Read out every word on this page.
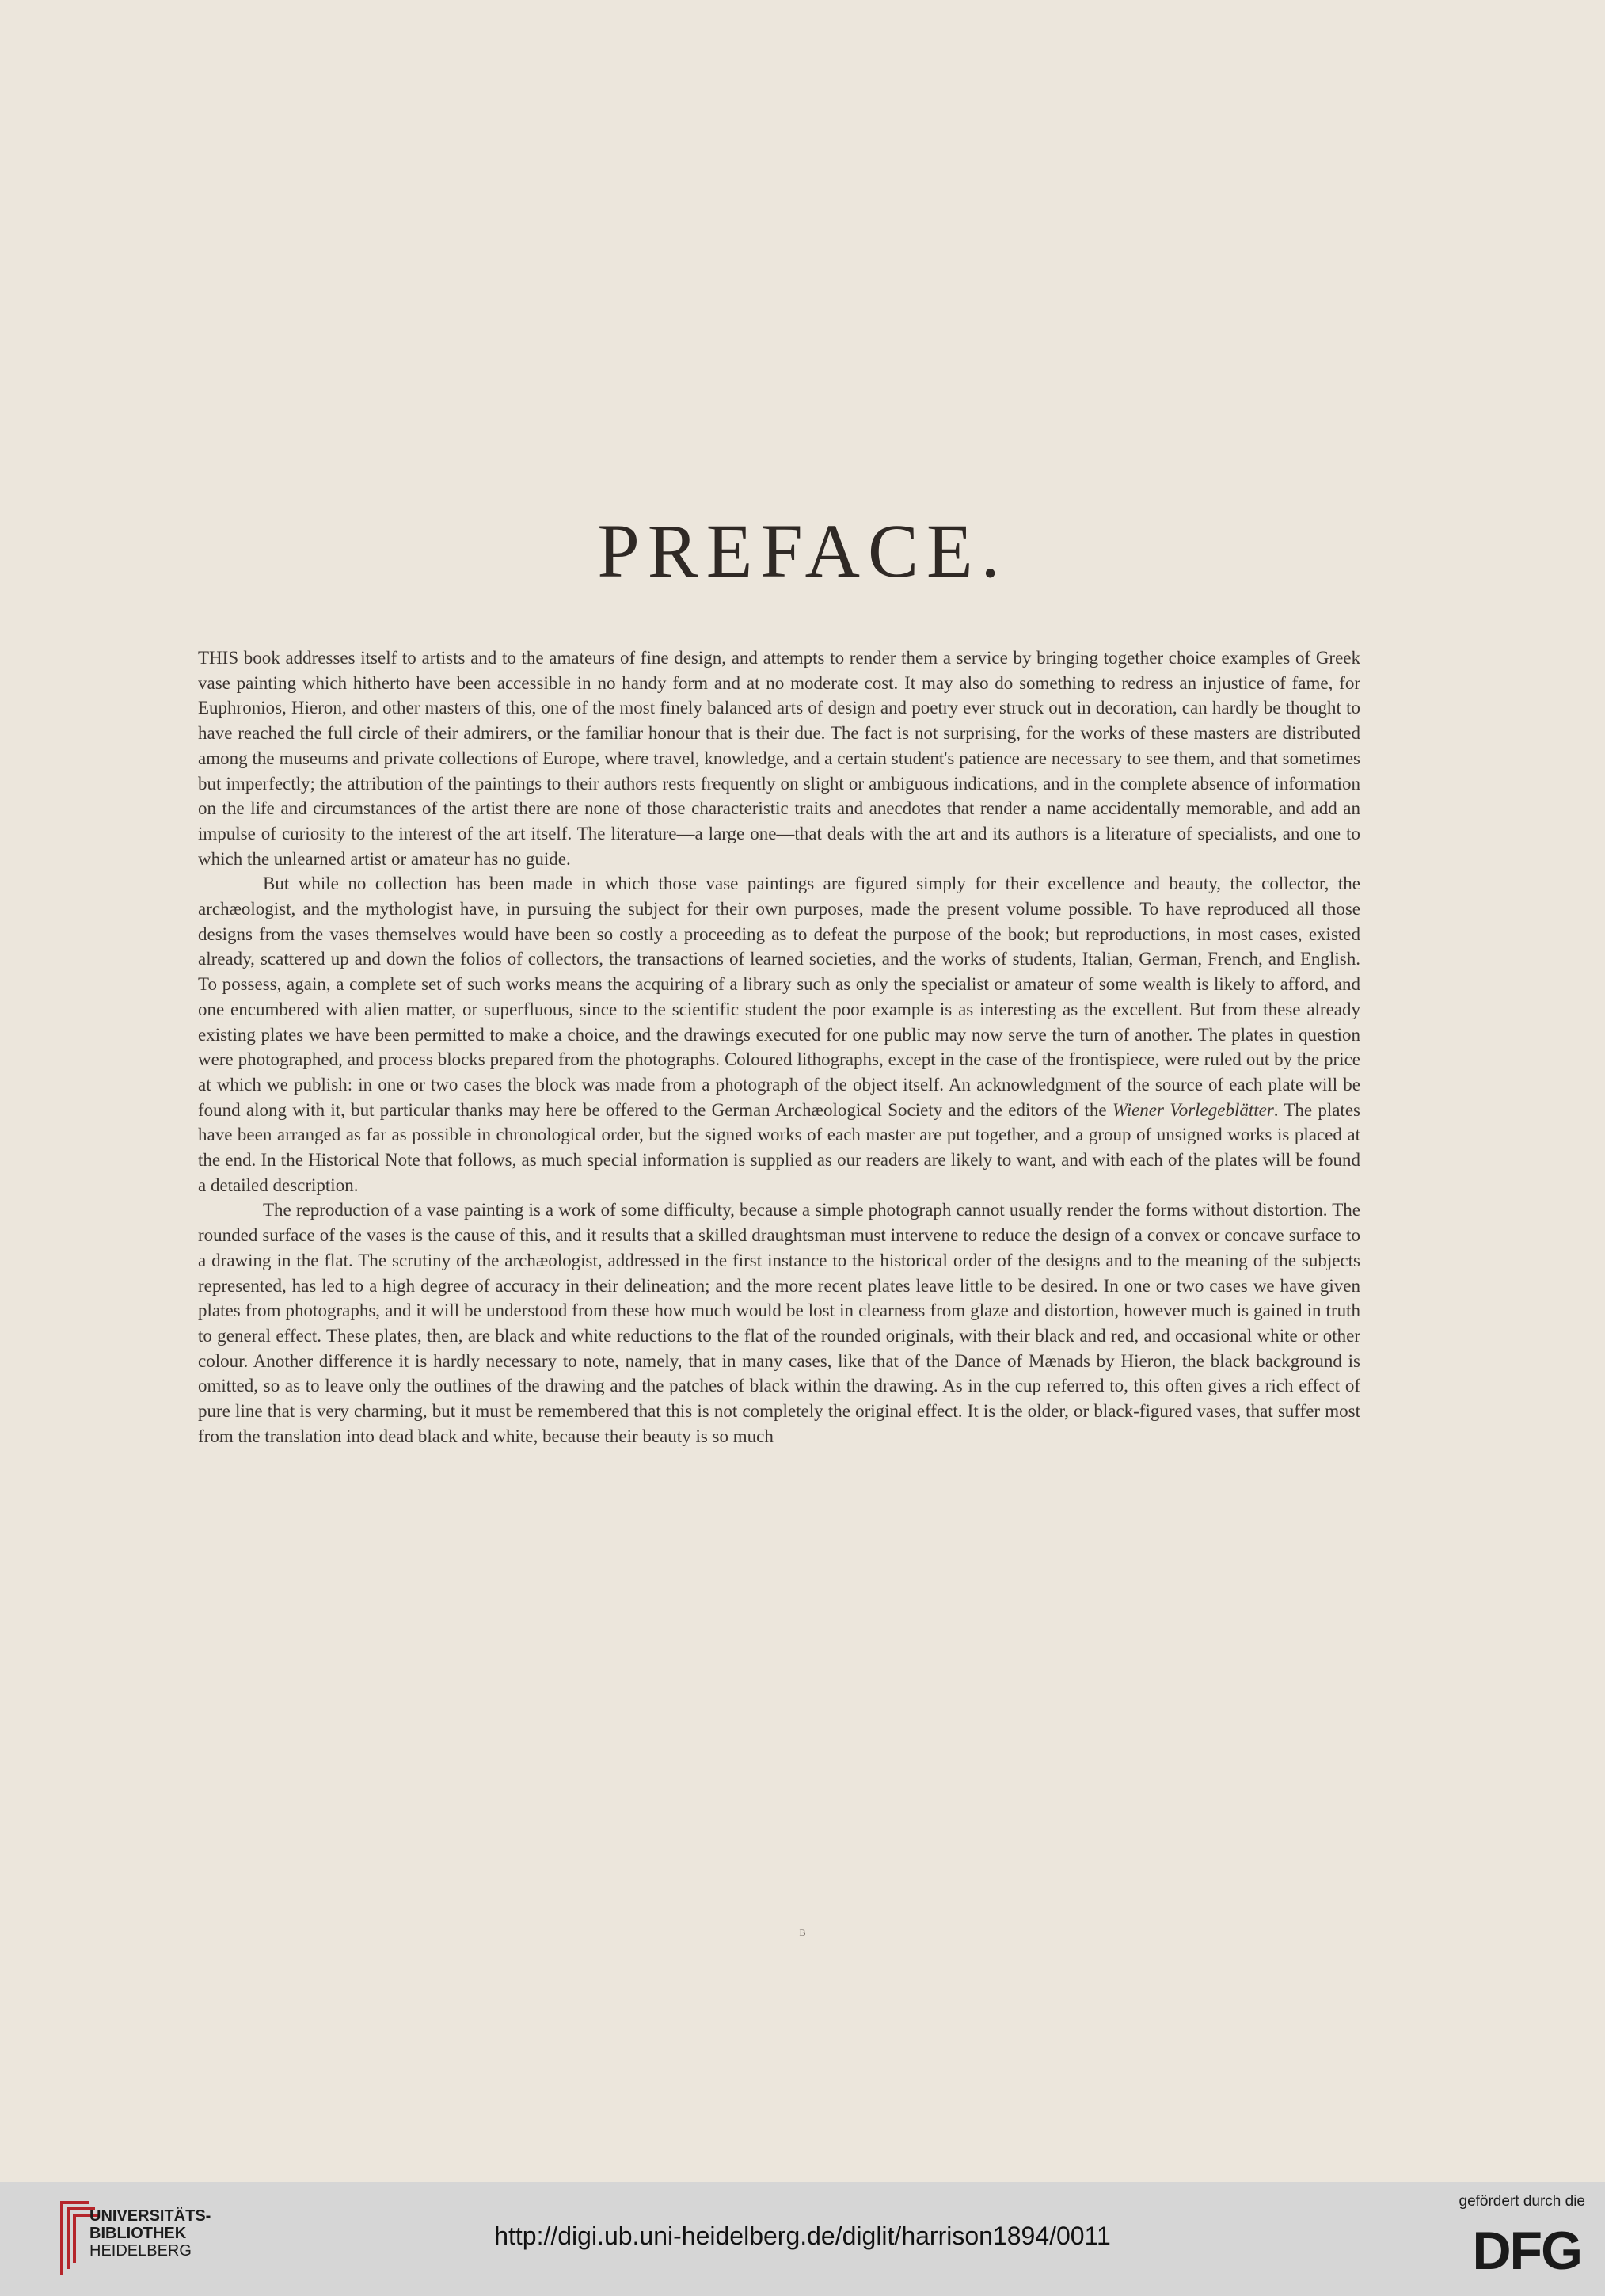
PREFACE.

THIS book addresses itself to artists and to the amateurs of fine design, and attempts to render them a service by bringing together choice examples of Greek vase painting which hitherto have been accessible in no handy form and at no moderate cost. It may also do something to redress an injustice of fame, for Euphronios, Hieron, and other masters of this, one of the most finely balanced arts of design and poetry ever struck out in decoration, can hardly be thought to have reached the full circle of their admirers, or the familiar honour that is their due. The fact is not surprising, for the works of these masters are distributed among the museums and private collections of Europe, where travel, knowledge, and a certain student's patience are necessary to see them, and that sometimes but imperfectly; the attribution of the paintings to their authors rests frequently on slight or ambiguous indications, and in the complete absence of information on the life and circumstances of the artist there are none of those characteristic traits and anecdotes that render a name accidentally memorable, and add an impulse of curiosity to the interest of the art itself. The literature—a large one—that deals with the art and its authors is a literature of specialists, and one to which the unlearned artist or amateur has no guide.

But while no collection has been made in which those vase paintings are figured simply for their excellence and beauty, the collector, the archæologist, and the mythologist have, in pursuing the subject for their own purposes, made the present volume possible. To have reproduced all those designs from the vases themselves would have been so costly a proceeding as to defeat the purpose of the book; but reproductions, in most cases, existed already, scattered up and down the folios of collectors, the transactions of learned societies, and the works of students, Italian, German, French, and English. To possess, again, a complete set of such works means the acquiring of a library such as only the specialist or amateur of some wealth is likely to afford, and one encumbered with alien matter, or superfluous, since to the scientific student the poor example is as interesting as the excellent. But from these already existing plates we have been permitted to make a choice, and the drawings executed for one public may now serve the turn of another. The plates in question were photographed, and process blocks prepared from the photographs. Coloured lithographs, except in the case of the frontispiece, were ruled out by the price at which we publish: in one or two cases the block was made from a photograph of the object itself. An acknowledgment of the source of each plate will be found along with it, but particular thanks may here be offered to the German Archæological Society and the editors of the Wiener Vorlegeblätter. The plates have been arranged as far as possible in chronological order, but the signed works of each master are put together, and a group of unsigned works is placed at the end. In the Historical Note that follows, as much special information is supplied as our readers are likely to want, and with each of the plates will be found a detailed description.

The reproduction of a vase painting is a work of some difficulty, because a simple photograph cannot usually render the forms without distortion. The rounded surface of the vases is the cause of this, and it results that a skilled draughtsman must intervene to reduce the design of a convex or concave surface to a drawing in the flat. The scrutiny of the archæologist, addressed in the first instance to the historical order of the designs and to the meaning of the subjects represented, has led to a high degree of accuracy in their delineation; and the more recent plates leave little to be desired. In one or two cases we have given plates from photographs, and it will be understood from these how much would be lost in clearness from glaze and distortion, however much is gained in truth to general effect. These plates, then, are black and white reductions to the flat of the rounded originals, with their black and red, and occasional white or other colour. Another difference it is hardly necessary to note, namely, that in many cases, like that of the Dance of Mænads by Hieron, the black background is omitted, so as to leave only the outlines of the drawing and the patches of black within the drawing. As in the cup referred to, this often gives a rich effect of pure line that is very charming, but it must be remembered that this is not completely the original effect. It is the older, or black-figured vases, that suffer most from the translation into dead black and white, because their beauty is so much

B
UNIVERSITÄTS-
BIBLIOTHEK
HEIDELBERG
http://digi.ub.uni-heidelberg.de/diglit/harrison1894/0011
gefördert durch die
DFG
